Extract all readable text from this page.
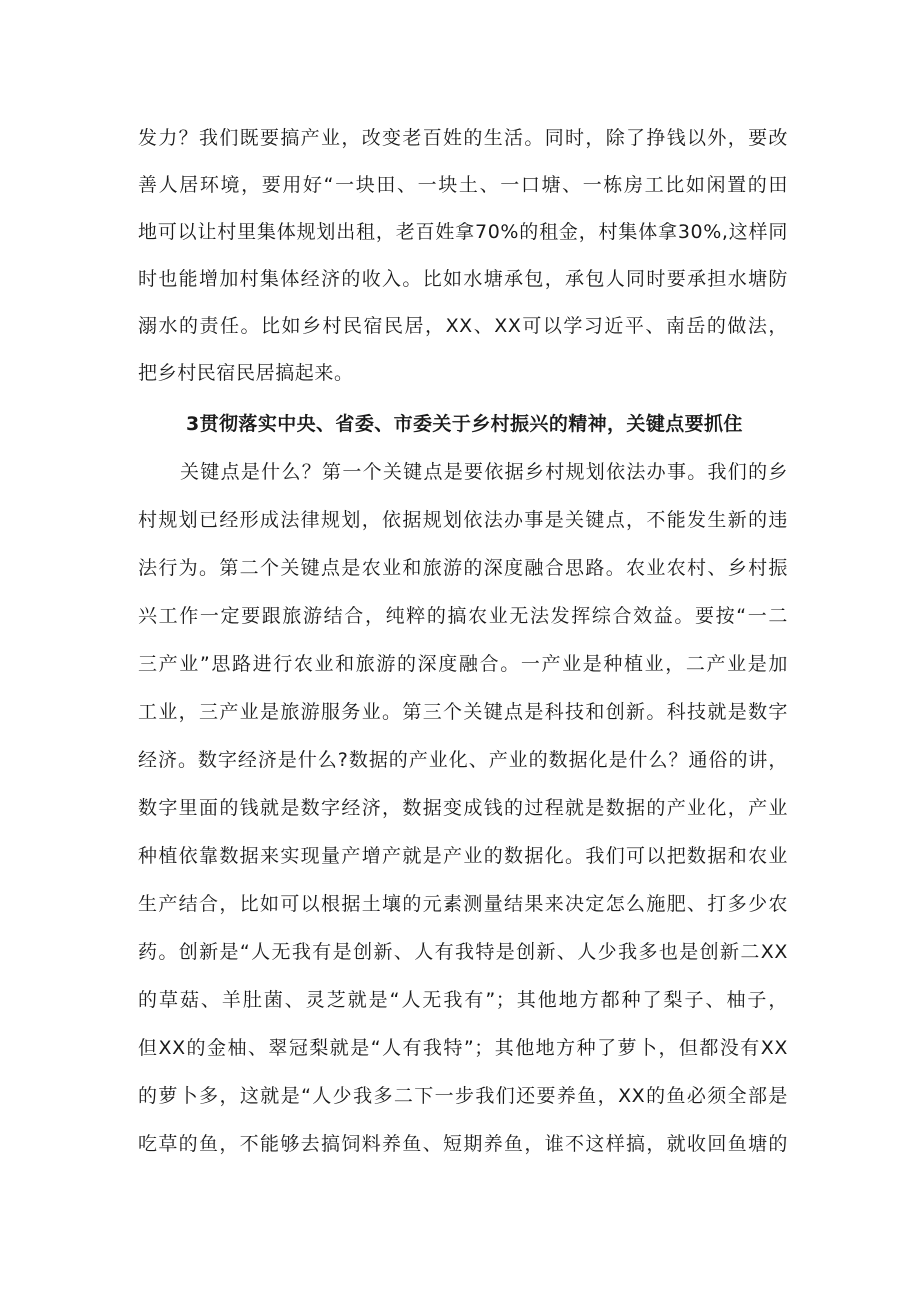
发力？我们既要搞产业，改变老百姓的生活。同时，除了挣钱以外，要改
善人居环境，要用好“一块田、一块土、一口塘、一栋房工比如闲置的田
地可以让村里集体规划出租，老百姓拿70%的租金，村集体拿30%,这样同
时也能增加村集体经济的收入。比如水塘承包，承包人同时要承担水塘防
溺水的责任。比如乡村民宿民居，XX、XX可以学习近平、南岳的做法，
把乡村民宿民居搞起来。
3贯彻落实中央、省委、市委关于乡村振兴的精神，关键点要抓住
关键点是什么？第一个关键点是要依据乡村规划依法办事。我们的乡
村规划已经形成法律规划，依据规划依法办事是关键点，不能发生新的违
法行为。第二个关键点是农业和旅游的深度融合思路。农业农村、乡村振
兴工作一定要跟旅游结合，纯粹的搞农业无法发挥综合效益。要按“一二
三产业”思路进行农业和旅游的深度融合。一产业是种植业，二产业是加
工业，三产业是旅游服务业。第三个关键点是科技和创新。科技就是数字
经济。数字经济是什么?数据的产业化、产业的数据化是什么？通俗的讲，
数字里面的钱就是数字经济，数据变成钱的过程就是数据的产业化，产业
种植依靠数据来实现量产增产就是产业的数据化。我们可以把数据和农业
生产结合，比如可以根据土壤的元素测量结果来决定怎么施肥、打多少农
药。创新是“人无我有是创新、人有我特是创新、人少我多也是创新二XX
的草菇、羊肚菌、灵芝就是“人无我有”；其他地方都种了梨子、柚子，
但XX的金柚、翠冠梨就是“人有我特”；其他地方种了萝卜，但都没有XX
的萝卜多，这就是“人少我多二下一步我们还要养鱼，XX的鱼必须全部是
吃草的鱼，不能够去搞饲料养鱼、短期养鱼，谁不这样搞，就收回鱼塘的
